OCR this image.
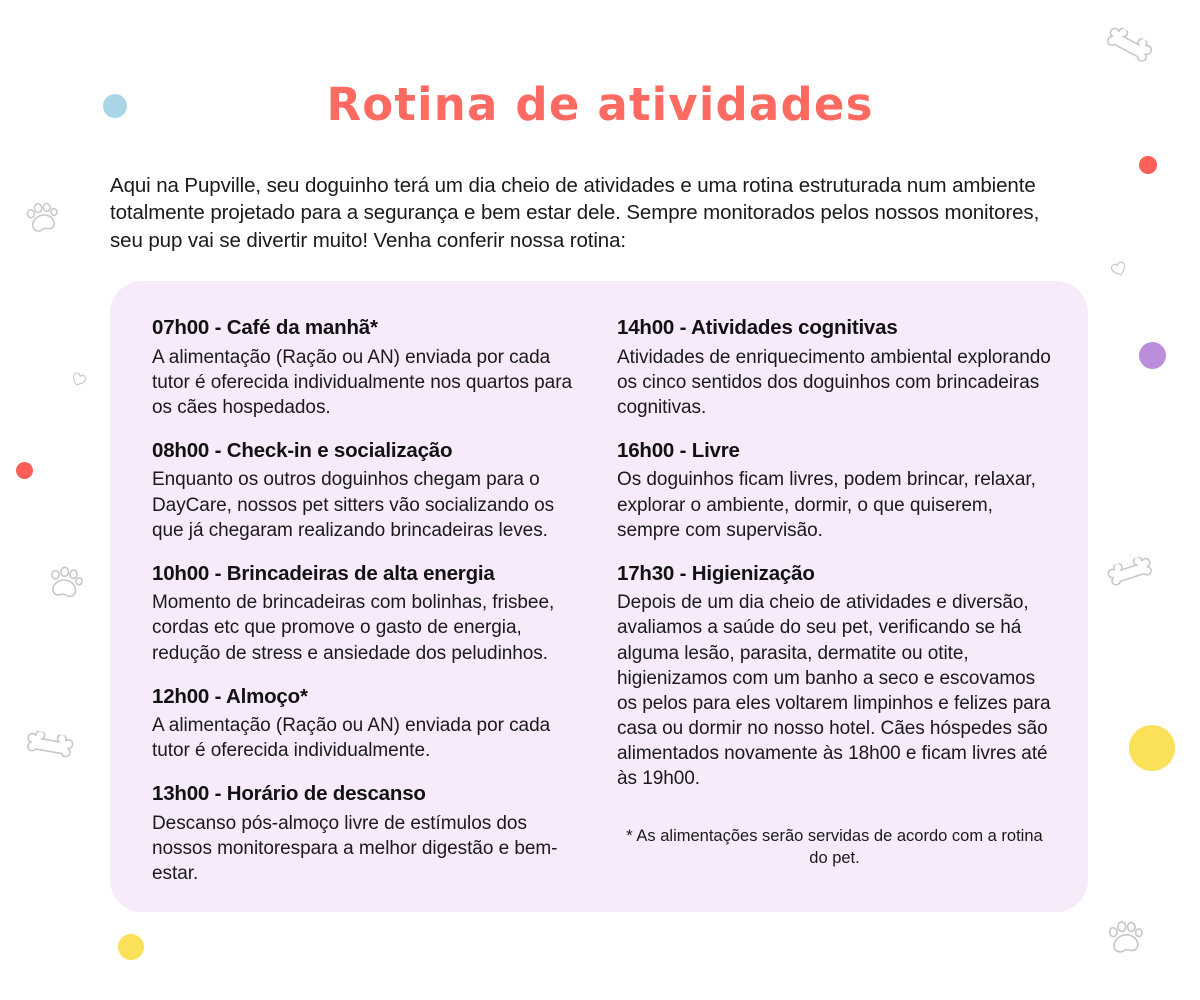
Rotina de atividades

Aqui na Pupville, seu doguinho terá um dia cheio de atividades e uma rotina estruturada num ambiente totalmente projetado para a segurança e bem estar dele. Sempre monitorados pelos nossos monitores, seu pup vai se divertir muito! Venha conferir nossa rotina:

07h00 - Café da manhã*

A alimentação (Ração ou AN) enviada por cada tutor é oferecida individualmente nos quartos para os cães hospedados.

08h00 - Check-in e socialização

Enquanto os outros doguinhos chegam para o DayCare, nossos pet sitters vão socializando os que já chegaram realizando brincadeiras leves.

10h00 - Brincadeiras de alta energia

Momento de brincadeiras com bolinhas, frisbee, cordas etc que promove o gasto de energia, redução de stress e ansiedade dos peludinhos.

12h00 - Almoço*

A alimentação (Ração ou AN) enviada por cada tutor é oferecida individualmente.

13h00 - Horário de descanso

Descanso pós-almoço livre de estímulos dos nossos monitorespara a melhor digestão e bem-estar.

14h00 - Atividades cognitivas

Atividades de enriquecimento ambiental explorando os cinco sentidos dos doguinhos com brincadeiras cognitivas.

16h00 - Livre

Os doguinhos ficam livres, podem brincar, relaxar, explorar o ambiente, dormir, o que quiserem, sempre com supervisão.

17h30 - Higienização

Depois de um dia cheio de atividades e diversão, avaliamos a saúde do seu pet, verificando se há alguma lesão, parasita, dermatite ou otite, higienizamos com um banho a seco e escovamos os pelos para eles voltarem limpinhos e felizes para casa ou dormir no nosso hotel. Cães hóspedes são alimentados novamente às 18h00 e ficam livres até às 19h00.

* As alimentações serão servidas de acordo com a rotina do pet.
